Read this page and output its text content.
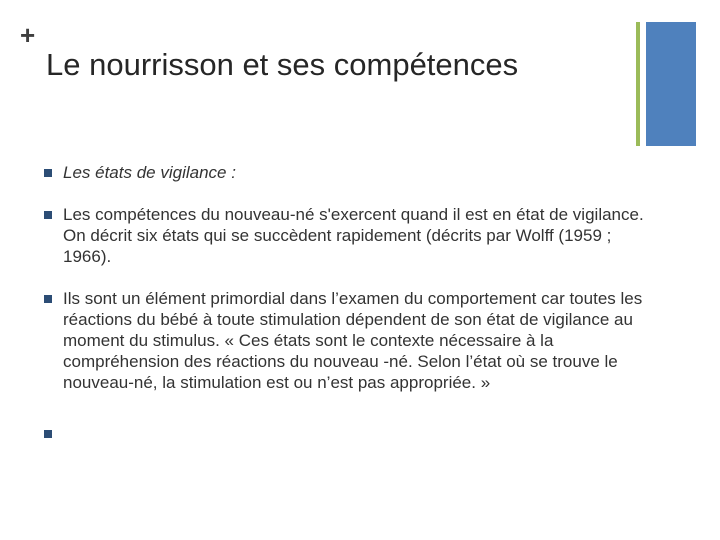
+
Le nourrisson et ses compétences
Les états de vigilance :
Les compétences du nouveau-né s'exercent quand il est en état de vigilance. On décrit six états qui se succèdent rapidement (décrits par Wolff (1959 ; 1966).
Ils sont un élément primordial dans l’examen du comportement car toutes les réactions du bébé à toute stimulation dépendent de son état de vigilance au moment du stimulus. « Ces états sont le contexte nécessaire à la compréhension des réactions du nouveau -né. Selon l’état où se trouve le nouveau-né, la stimulation est ou n’est pas appropriée. »
